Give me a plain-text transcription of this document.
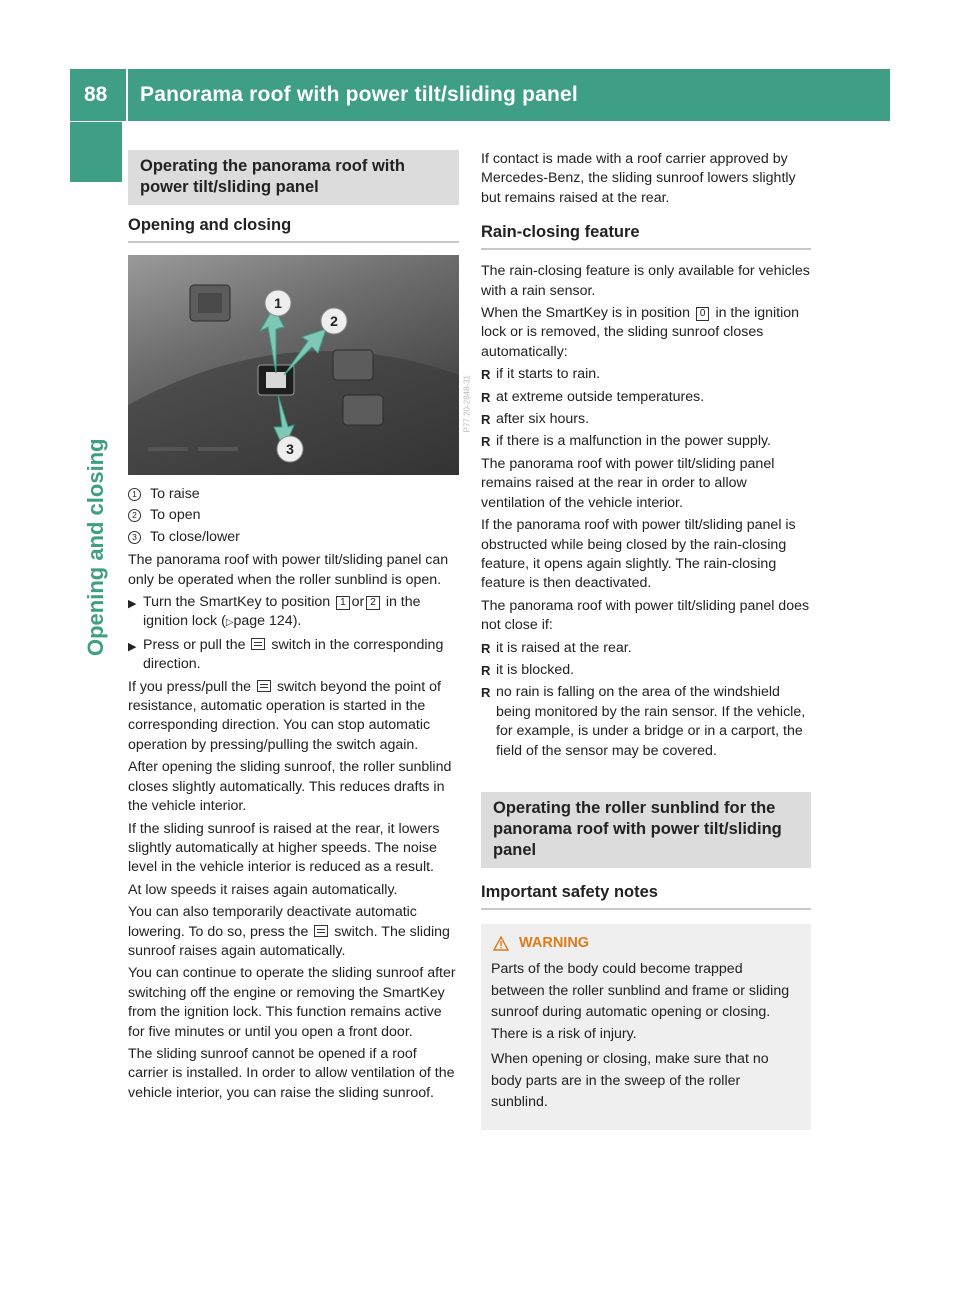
88	Panorama roof with power tilt/sliding panel
Opening and closing
Operating the panorama roof with power tilt/sliding panel
Opening and closing
1
2
3
P77.20-2848-31
1 To raise
2 To open
3 To close/lower

The panorama roof with power tilt/sliding panel can only be operated when the roller sunblind is open.

▶ Turn the SmartKey to position 1 or 2 in the ignition lock (▷page 124).
▶ Press or pull the switch in the corresponding direction.

If you press/pull the switch beyond the point of resistance, automatic operation is started in the corresponding direction. You can stop automatic operation by pressing/pulling the switch again.

After opening the sliding sunroof, the roller sunblind closes slightly automatically. This reduces drafts in the vehicle interior.

If the sliding sunroof is raised at the rear, it lowers slightly automatically at higher speeds. The noise level in the vehicle interior is reduced as a result.

At low speeds it raises again automatically.

You can also temporarily deactivate automatic lowering. To do so, press the switch. The sliding sunroof raises again automatically.

You can continue to operate the sliding sunroof after switching off the engine or removing the SmartKey from the ignition lock. This function remains active for five minutes or until you open a front door.

The sliding sunroof cannot be opened if a roof carrier is installed. In order to allow ventilation of the vehicle interior, you can raise the sliding sunroof.

If contact is made with a roof carrier approved by Mercedes-Benz, the sliding sunroof lowers slightly but remains raised at the rear.

Rain-closing feature

The rain-closing feature is only available for vehicles with a rain sensor.

When the SmartKey is in position 0 in the ignition lock or is removed, the sliding sunroof closes automatically:

R if it starts to rain.
R at extreme outside temperatures.
R after six hours.
R if there is a malfunction in the power supply.

The panorama roof with power tilt/sliding panel remains raised at the rear in order to allow ventilation of the vehicle interior.

If the panorama roof with power tilt/sliding panel is obstructed while being closed by the rain-closing feature, it opens again slightly. The rain-closing feature is then deactivated.

The panorama roof with power tilt/sliding panel does not close if:

R it is raised at the rear.
R it is blocked.
R no rain is falling on the area of the windshield being monitored by the rain sensor. If the vehicle, for example, is under a bridge or in a carport, the field of the sensor may be covered.
Operating the roller sunblind for the panorama roof with power tilt/sliding panel
Important safety notes
WARNING

Parts of the body could become trapped between the roller sunblind and frame or sliding sunroof during automatic opening or closing. There is a risk of injury.

When opening or closing, make sure that no body parts are in the sweep of the roller sunblind.
